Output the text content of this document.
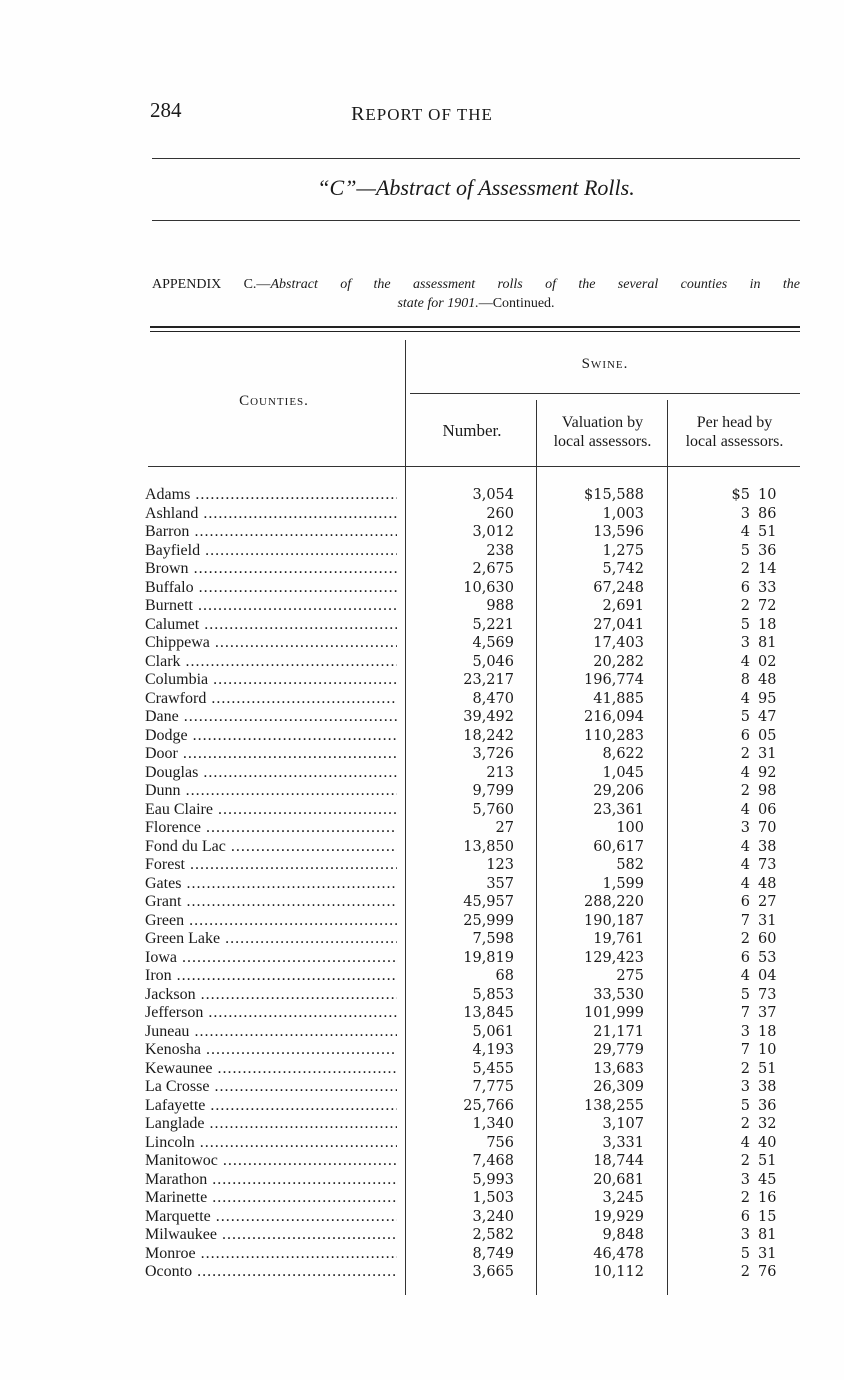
284	REPORT OF THE
“C”—Abstract of Assessment Rolls.
APPENDIX C.—Abstract of the assessment rolls of the several counties in the
state for 1901.—Continued.
Counties.
Swine.
Number.	Valuation by
local assessors.
Per head by
local assessors.
Adams .....	3,054	$15,588	$5 10
Ashland .....	260	1,003	3 86
Barron .....	3,012	13,596	4 51
Bayfield .....	238	1,275	5 36
Brown .....	2,675	5,742	2 14
Buffalo .....	10,630	67,248	6 33
Burnett .....	988	2,691	2 72
Calumet .....	5,221	27,041	5 18
Chippewa .....	4,569	17,403	3 81
Clark .....	5,046	20,282	4 02
Columbia .....	23,217	196,774	8 48
Crawford .....	8,470	41,885	4 95
Dane .....	39,492	216,094	5 47
Dodge .....	18,242	110,283	6 05
Door .....	3,726	8,622	2 31
Douglas .....	213	1,045	4 92
Dunn .....	9,799	29,206	2 98
Eau Claire .....	5,760	23,361	4 06
Florence .....	27	100	3 70
Fond du Lac .....	13,850	60,617	4 38
Forest .....	123	582	4 73
Gates .....	357	1,599	4 48
Grant .....	45,957	288,220	6 27
Green .....	25,999	190,187	7 31
Green Lake .....	7,598	19,761	2 60
Iowa .....	19,819	129,423	6 53
Iron .....	68	275	4 04
Jackson .....	5,853	33,530	5 73
Jefferson .....	13,845	101,999	7 37
Juneau .....	5,061	21,171	3 18
Kenosha .....	4,193	29,779	7 10
Kewaunee .....	5,455	13,683	2 51
La Crosse .....	7,775	26,309	3 38
Lafayette .....	25,766	138,255	5 36
Langlade .....	1,340	3,107	2 32
Lincoln .....	756	3,331	4 40
Manitowoc .....	7,468	18,744	2 51
Marathon .....	5,993	20,681	3 45
Marinette .....	1,503	3,245	2 16
Marquette .....	3,240	19,929	6 15
Milwaukee .....	2,582	9,848	3 81
Monroe .....	8,749	46,478	5 31
Oconto .....	3,665	10,112	2 76
